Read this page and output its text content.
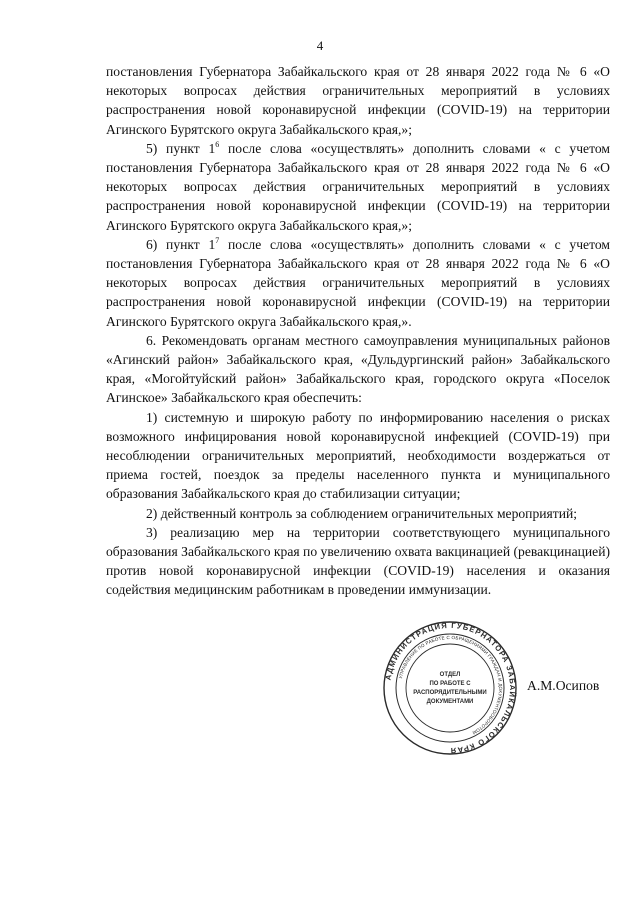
4

постановления Губернатора Забайкальского края от 28 января 2022 года № 6 «О некоторых вопросах действия ограничительных мероприятий в условиях распространения новой коронавирусной инфекции (COVID-19) на территории Агинского Бурятского округа Забайкальского края,»;

5) пункт $1^6$ после слова «осуществлять» дополнить словами « с учетом постановления Губернатора Забайкальского края от 28 января 2022 года № 6 «О некоторых вопросах действия ограничительных мероприятий в условиях распространения новой коронавирусной инфекции (COVID-19) на территории Агинского Бурятского округа Забайкальского края,»;

6) пункт $1^7$ после слова «осуществлять» дополнить словами « с учетом постановления Губернатора Забайкальского края от 28 января 2022 года № 6 «О некоторых вопросах действия ограничительных мероприятий в условиях распространения новой коронавирусной инфекции (COVID-19) на территории Агинского Бурятского округа Забайкальского края,».

6. Рекомендовать органам местного самоуправления муниципальных районов «Агинский район» Забайкальского края, «Дульдургинский район» Забайкальского края, «Могойтуйский район» Забайкальского края, городского округа «Поселок Агинское» Забайкальского края обеспечить:

1) системную и широкую работу по информированию населения о рисках возможного инфицирования новой коронавирусной инфекцией (COVID-19) при несоблюдении ограничительных мероприятий, необходимости воздержаться от приема гостей, поездок за пределы населенного пункта и муниципального образования Забайкальского края до стабилизации ситуации;

2) действенный контроль за соблюдением ограничительных мероприятий;

3) реализацию мер на территории соответствующего муниципального образования Забайкальского края по увеличению охвата вакцинацией (ревакцинацией) против новой коронавирусной инфекции (COVID-19) населения и оказания содействия медицинским работникам в проведении иммунизации.

АДМИНИСТРАЦИЯ ГУБЕРНАТОРА ЗАБАЙКАЛЬСКОГО КРАЯ
УПРАВЛЕНИЕ ПО РАБОТЕ С ОБРАЩЕНИЯМИ ГРАЖДАН И ДОКУМЕНТООБОРОТОМ
ОТДЕЛ
ПО РАБОТЕ С
РАСПОРЯДИТЕЛЬНЫМИ
ДОКУМЕНТАМИ
А.М.Осипов
